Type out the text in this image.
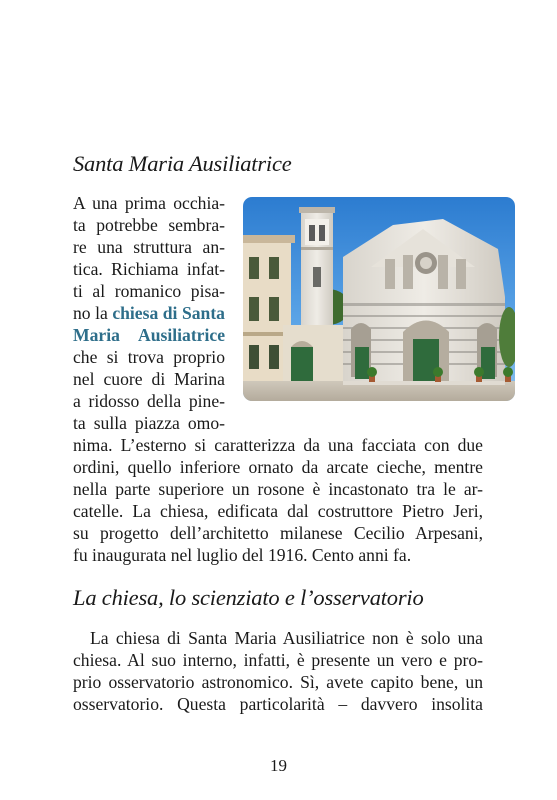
Santa Maria Ausiliatrice
A una prima occhia-
ta potrebbe sembra-
re una struttura an-
tica. Richiama infat-
ti al romanico pisa-
no la chiesa di Santa
Maria Ausiliatrice
che si trova proprio
nel cuore di Marina
a ridosso della pine-
ta sulla piazza omo-
nima. L’esterno si caratterizza da una facciata con due
ordini, quello inferiore ornato da arcate cieche, mentre
nella parte superiore un rosone è incastonato tra le ar-
catelle. La chiesa, edificata dal costruttore Pietro Jeri,
su progetto dell’architetto milanese Cecilio Arpesani,
fu inaugurata nel luglio del 1916. Cento anni fa.
La chiesa, lo scienziato e l’osservatorio
La chiesa di Santa Maria Ausiliatrice non è solo una
chiesa. Al suo interno, infatti, è presente un vero e pro-
prio osservatorio astronomico. Sì, avete capito bene, un
osservatorio. Questa particolarità – davvero insolita
19
